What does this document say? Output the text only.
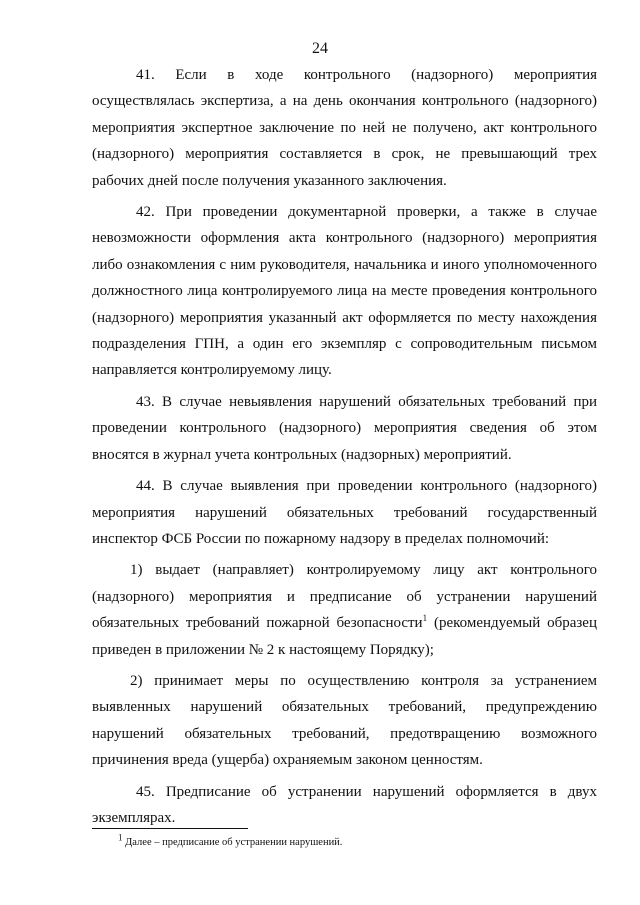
24

41. Если в ходе контрольного (надзорного) мероприятия осуществлялась экспертиза, а на день окончания контрольного (надзорного) мероприятия экспертное заключение по ней не получено, акт контрольного (надзорного) мероприятия составляется в срок, не превышающий трех рабочих дней после получения указанного заключения.

42. При проведении документарной проверки, а также в случае невозможности оформления акта контрольного (надзорного) мероприятия либо ознакомления с ним руководителя, начальника и иного уполномоченного должностного лица контролируемого лица на месте проведения контрольного (надзорного) мероприятия указанный акт оформляется по месту нахождения подразделения ГПН, а один его экземпляр с сопроводительным письмом направляется контролируемому лицу.

43. В случае невыявления нарушений обязательных требований при проведении контрольного (надзорного) мероприятия сведения об этом вносятся в журнал учета контрольных (надзорных) мероприятий.

44. В случае выявления при проведении контрольного (надзорного) мероприятия нарушений обязательных требований государственный инспектор ФСБ России по пожарному надзору в пределах полномочий:

1) выдает (направляет) контролируемому лицу акт контрольного (надзорного) мероприятия и предписание об устранении нарушений обязательных требований пожарной безопасности$^1$ (рекомендуемый образец приведен в приложении № 2 к настоящему Порядку);

2) принимает меры по осуществлению контроля за устранением выявленных нарушений обязательных требований, предупреждению нарушений обязательных требований, предотвращению возможного причинения вреда (ущерба) охраняемым законом ценностям.

45. Предписание об устранении нарушений оформляется в двух экземплярах.

$^1$ Далее – предписание об устранении нарушений.
